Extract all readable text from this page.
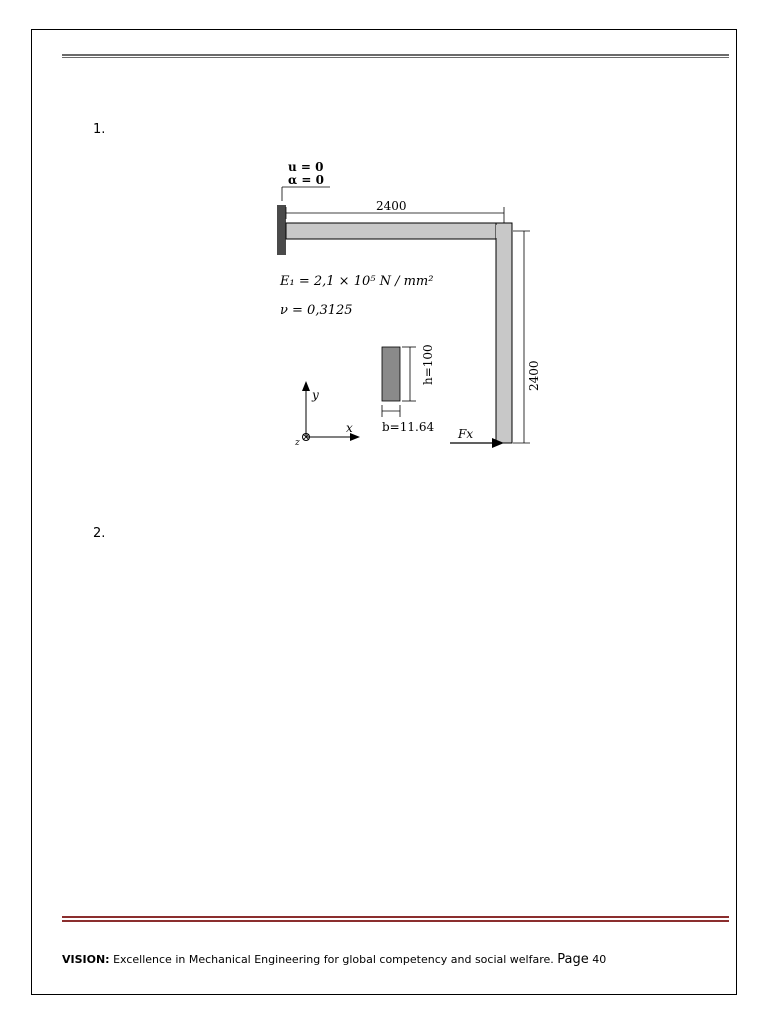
1.
u = 0
α = 0
2400
2400
E₁ = 2,1 × 10⁵ N / mm²
ν = 0,3125
h=100
b=11.64
y
x
z
Fx
2.
VISION: Excellence in Mechanical Engineering for global competency and social welfare. Page 40
